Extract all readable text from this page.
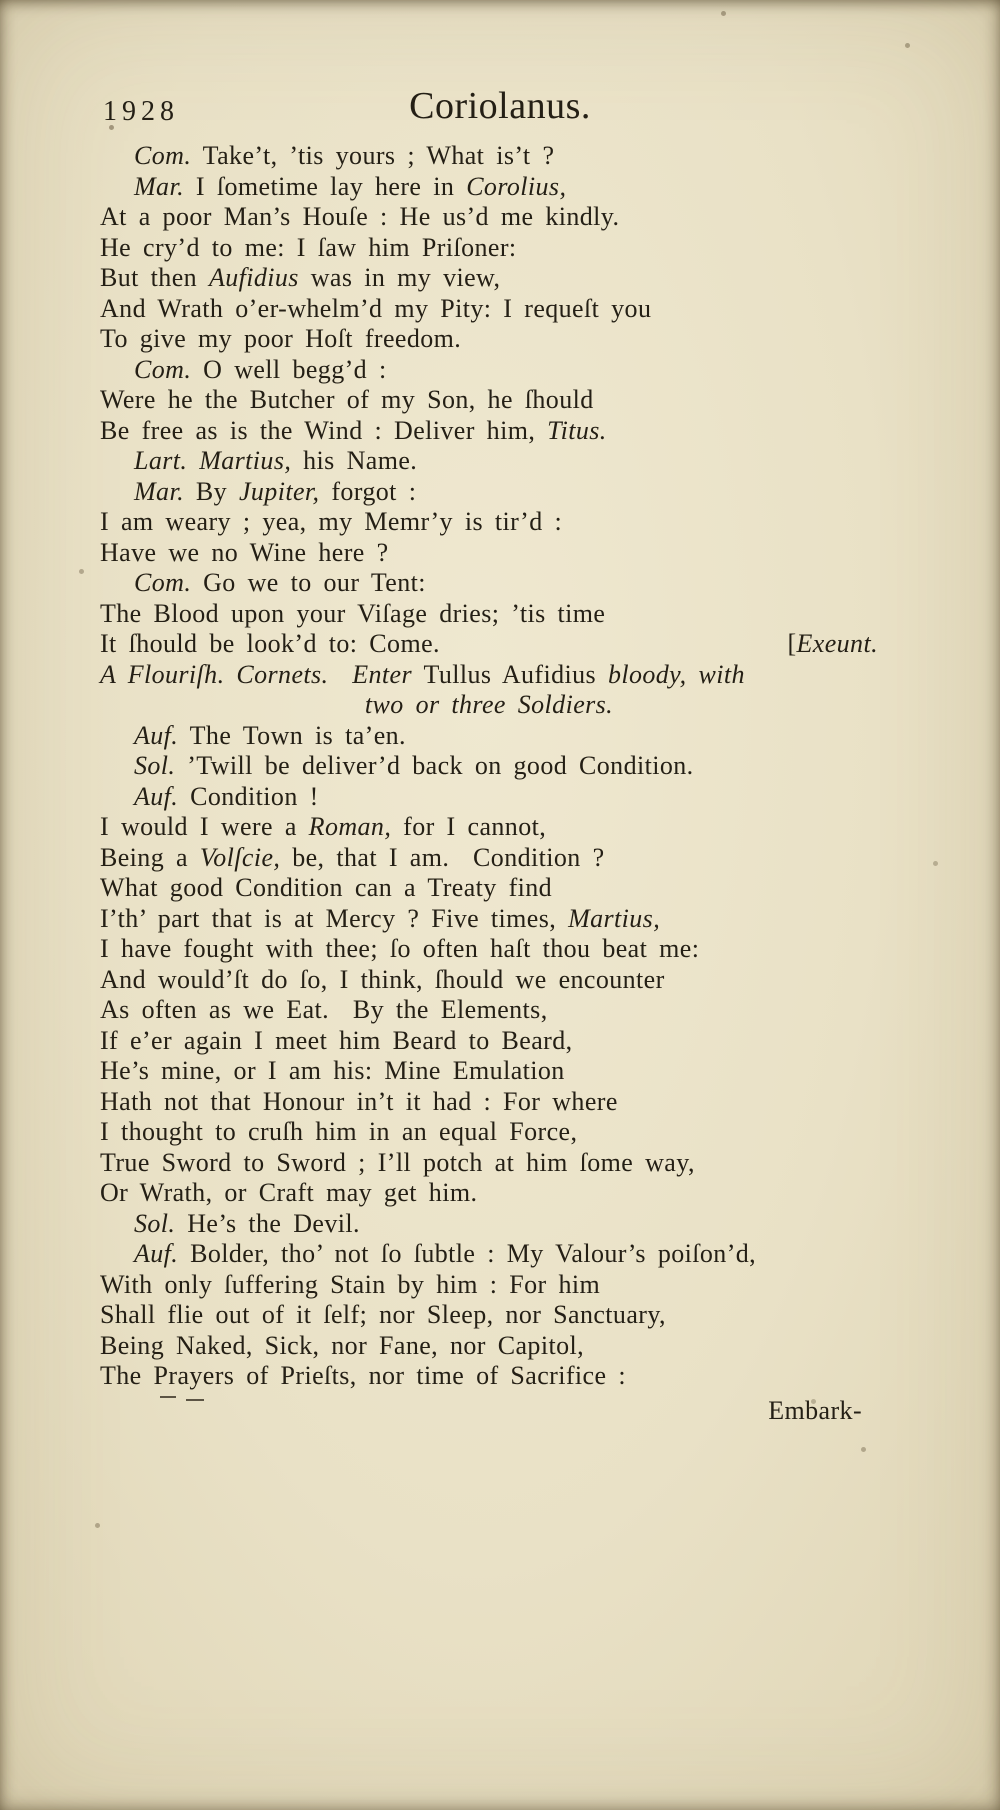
1928	Coriolanus.
Com. Take’t, ’tis yours ; What is’t ?
Mar. I ſometime lay here in Corolius,
At a poor Man’s Houſe : He us’d me kindly.
He cry’d to me: I ſaw him Priſoner:
But then Aufidius was in my view,
And Wrath o’er-whelm’d my Pity: I requeſt you
To give my poor Hoſt freedom.
Com. O well begg’d :
Were he the Butcher of my Son, he ſhould
Be free as is the Wind : Deliver him, Titus.
Lart. Martius, his Name.
Mar. By Jupiter, forgot :
I am weary ; yea, my Memr’y is tir’d :
Have we no Wine here ?
Com. Go we to our Tent:
The Blood upon your Viſage dries; ’tis time
[Exeunt.
It ſhould be look’d to: Come.
A Flouriſh. Cornets. Enter Tullus Aufidius bloody, with
two or three Soldiers.
Auf. The Town is ta’en.
Sol. ’Twill be deliver’d back on good Condition.
Auf. Condition !
I would I were a Roman, for I cannot,
Being a Volſcie, be, that I am.  Condition ?
What good Condition can a Treaty find
I’th’ part that is at Mercy ? Five times, Martius,
I have fought with thee; ſo often haſt thou beat me:
And would’ſt do ſo, I think, ſhould we encounter
As often as we Eat.  By the Elements,
If e’er again I meet him Beard to Beard,
He’s mine, or I am his: Mine Emulation
Hath not that Honour in’t it had : For where
I thought to cruſh him in an equal Force,
True Sword to Sword ; I’ll potch at him ſome way,
Or Wrath, or Craft may get him.
Sol. He’s the Devil.
Auf. Bolder, tho’ not ſo ſubtle : My Valour’s poiſon’d,
With only ſuffering Stain by him : For him
Shall flie out of it ſelf; nor Sleep, nor Sanctuary,
Being Naked, Sick, nor Fane, nor Capitol,
The Prayers of Prieſts, nor time of Sacrifice :
Embark-
